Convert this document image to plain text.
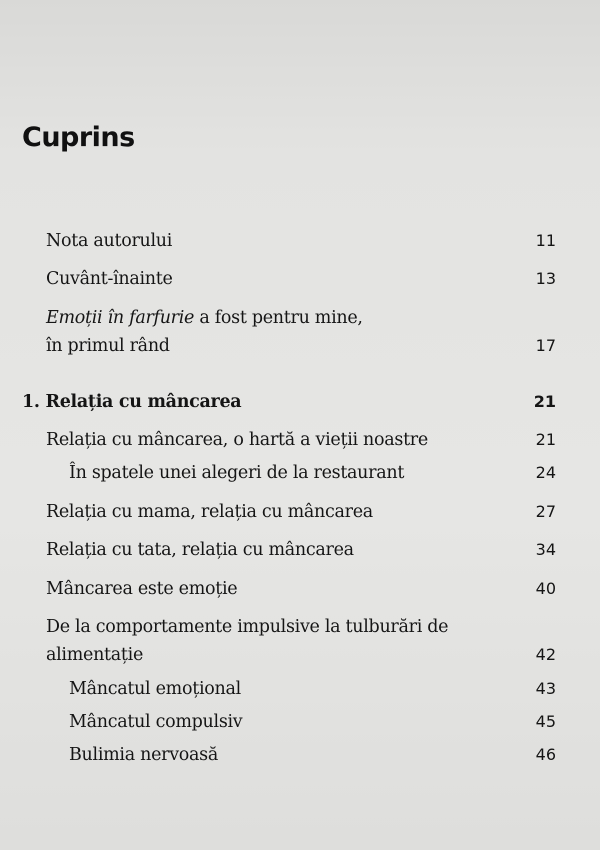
Cuprins
Nota autorului	11
Cuvânt-înainte	13
Emoții în farfurie a fost pentru mine,
în primul rând	17
1. Relația cu mâncarea	21
Relația cu mâncarea, o hartă a vieții noastre	21
În spatele unei alegeri de la restaurant	24
Relația cu mama, relația cu mâncarea	27
Relația cu tata, relația cu mâncarea	34
Mâncarea este emoție	40
De la comportamente impulsive la tulburări de
alimentație	42
Mâncatul emoțional	43
Mâncatul compulsiv	45
Bulimia nervoasă	46
